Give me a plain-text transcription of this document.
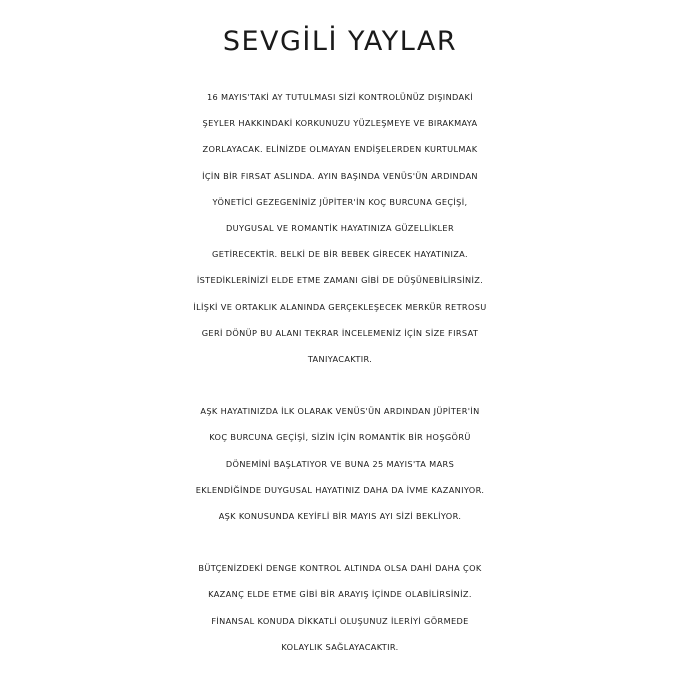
SEVGİLİ YAYLAR
16 MAYIS'TAKİ AY TUTULMASI SİZİ KONTROLÜNÜZ DIŞINDAKİ
ŞEYLER HAKKINDAKİ KORKUNUZU YÜZLEŞMEYE VE BIRAKMAYA
ZORLAYACAK. ELİNİZDE OLMAYAN ENDİŞELERDEN KURTULMAK
İÇİN BİR FIRSAT ASLINDA. AYIN BAŞINDA VENÜS'ÜN ARDINDAN
YÖNETİCİ GEZEGENİNİZ JÜPİTER'İN KOÇ BURCUNA GEÇİŞİ,
DUYGUSAL VE ROMANTİK HAYATINIZA GÜZELLİKLER
GETİRECEKTİR. BELKİ DE BİR BEBEK GİRECEK HAYATINIZA.
İSTEDİKLERİNİZİ ELDE ETME ZAMANI GİBİ DE DÜŞÜNEBİLİRSİNİZ.
İLİŞKİ VE ORTAKLIK ALANINDA GERÇEKLEŞECEK MERKÜR RETROSU
GERİ DÖNÜP BU ALANI TEKRAR İNCELEMENİZ İÇİN SİZE FIRSAT
TANIYACAKTIR.
AŞK HAYATINIZDA İLK OLARAK VENÜS'ÜN ARDINDAN JÜPİTER'İN
KOÇ BURCUNA GEÇİŞİ, SİZİN İÇİN ROMANTİK BİR HOŞGÖRÜ
DÖNEMİNİ BAŞLATIYOR VE BUNA 25 MAYIS'TA MARS
EKLENDİĞİNDE DUYGUSAL HAYATINIZ DAHA DA İVME KAZANIYOR.
AŞK KONUSUNDA KEYİFLİ BİR MAYIS AYI SİZİ BEKLİYOR.
BÜTÇENİZDEKİ DENGE KONTROL ALTINDA OLSA DAHİ DAHA ÇOK
KAZANÇ ELDE ETME GİBİ BİR ARAYIŞ İÇİNDE OLABİLİRSİNİZ.
FİNANSAL KONUDA DİKKATLİ OLUŞUNUZ İLERİYİ GÖRMEDE
KOLAYLIK SAĞLAYACAKTIR.
